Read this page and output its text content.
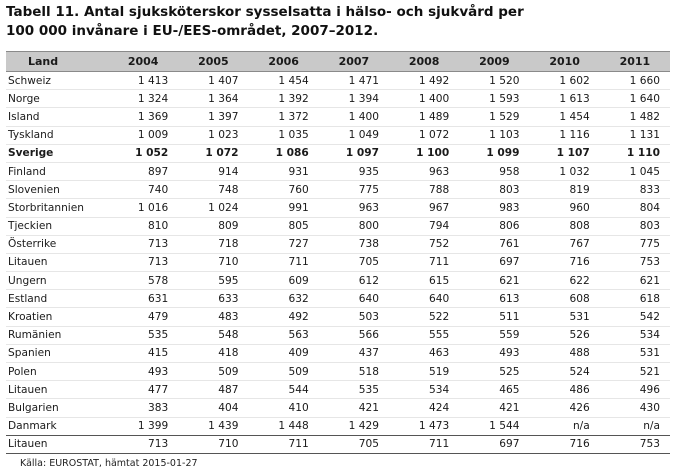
Tabell 11. Antal sjuksköterskor sysselsatta i hälso- och sjukvård per
100 000 invånare i EU-/EES-området, 2007–2012.
Land	2004	2005	2006	2007	2008	2009	2010	2011
Schweiz	1 413	1 407	1 454	1 471	1 492	1 520	1 602	1 660
Norge	1 324	1 364	1 392	1 394	1 400	1 593	1 613	1 640
Island	1 369	1 397	1 372	1 400	1 489	1 529	1 454	1 482
Tyskland	1 009	1 023	1 035	1 049	1 072	1 103	1 116	1 131
Sverige	1 052	1 072	1 086	1 097	1 100	1 099	1 107	1 110
Finland	897	914	931	935	963	958	1 032	1 045
Slovenien	740	748	760	775	788	803	819	833
Storbritannien	1 016	1 024	991	963	967	983	960	804
Tjeckien	810	809	805	800	794	806	808	803
Österrike	713	718	727	738	752	761	767	775
Litauen	713	710	711	705	711	697	716	753
Ungern	578	595	609	612	615	621	622	621
Estland	631	633	632	640	640	613	608	618
Kroatien	479	483	492	503	522	511	531	542
Rumänien	535	548	563	566	555	559	526	534
Spanien	415	418	409	437	463	493	488	531
Polen	493	509	509	518	519	525	524	521
Litauen	477	487	544	535	534	465	486	496
Bulgarien	383	404	410	421	424	421	426	430
Danmark	1 399	1 439	1 448	1 429	1 473	1 544	n/a	n/a
Litauen	713	710	711	705	711	697	716	753
Källa: EUROSTAT, hämtat 2015-01-27
